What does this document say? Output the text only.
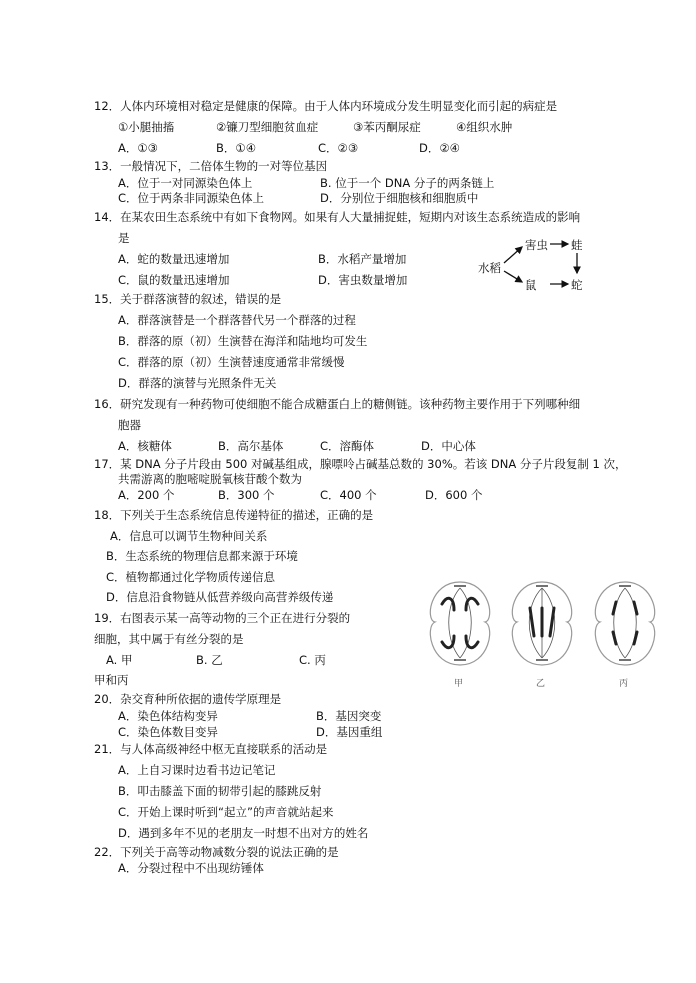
12．人体内环境相对稳定是健康的保障。由于人体内环境成分发生明显变化而引起的病症是
①小腿抽搐	②镰刀型细胞贫血症	③苯丙酮尿症	④组织水肿
A．①③	B．①④	C．②③	D．②④
13．一般情况下，二倍体生物的一对等位基因
A．位于一对同源染色体上	B. 位于一个 DNA 分子的两条链上
C．位于两条非同源染色体上	D．分别位于细胞核和细胞质中
14．在某农田生态系统中有如下食物网。如果有人大量捕捉蛙，短期内对该生态系统造成的影响
是
A．蛇的数量迅速增加	B．水稻产量增加
C．鼠的数量迅速增加	D．害虫数量增加
水稻
害虫 蛙
鼠	蛇
15．关于群落演替的叙述，错误的是
A．群落演替是一个群落替代另一个群落的过程
B．群落的原（初）生演替在海洋和陆地均可发生
C．群落的原（初）生演替速度通常非常缓慢
D．群落的演替与光照条件无关
16．研究发现有一种药物可使细胞不能合成糖蛋白上的糖侧链。该种药物主要作用于下列哪种细
胞器
A．核糖体	B．高尔基体	C．溶酶体	D．中心体
17．某 DNA 分子片段由 500 对碱基组成，腺嘌呤占碱基总数的 30%。若该 DNA 分子片段复制 1 次，
共需游离的胞嘧啶脱氧核苷酸个数为
A．200 个	B．300 个	C．400 个	D．600 个
18．下列关于生态系统信息传递特征的描述，正确的是
A．信息可以调节生物种间关系
B．生态系统的物理信息都来源于环境
C．植物都通过化学物质传递信息
D．信息沿食物链从低营养级向高营养级传递
19．右图表示某一高等动物的三个正在进行分裂的
细胞，其中属于有丝分裂的是
A. 甲	B. 乙	C. 丙
甲和丙	甲	乙	丙
20．杂交育种所依据的遗传学原理是
A．染色体结构变异	B．基因突变
C．染色体数目变异	D．基因重组
21．与人体高级神经中枢无直接联系的活动是
A．上自习课时边看书边记笔记
B．叩击膝盖下面的韧带引起的膝跳反射
C．开始上课时听到“起立”的声音就站起来
D．遇到多年不见的老朋友一时想不出对方的姓名
22．下列关于高等动物减数分裂的说法正确的是
A．分裂过程中不出现纺锤体
